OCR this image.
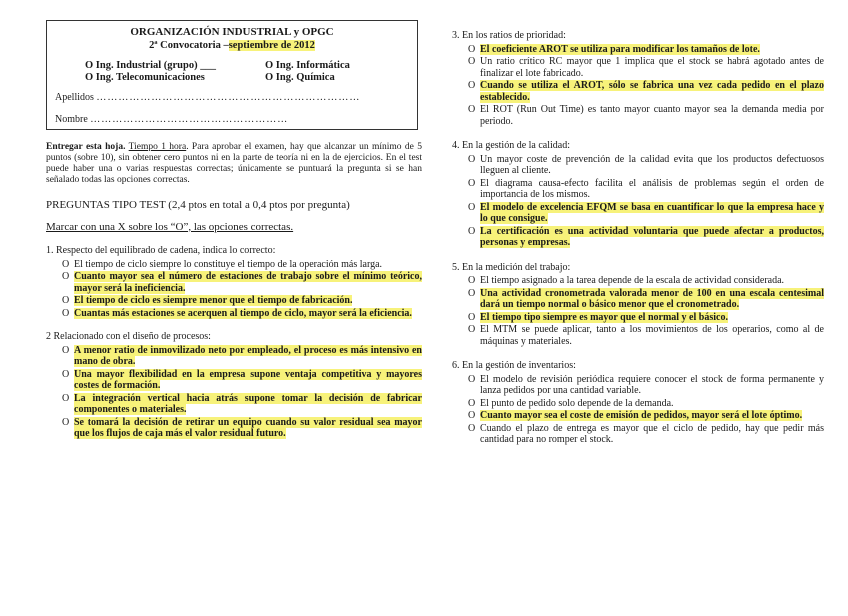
ORGANIZACIÓN INDUSTRIAL y OPGC
2ª Convocatoria –septiembre de 2012
O Ing. Industrial (grupo) ___	O Ing. Informática
O Ing. Telecomunicaciones	O Ing. Química
Apellidos ………………………………………………………………
Nombre ………………………………………………
Entregar esta hoja. Tiempo 1 hora. Para aprobar el examen, hay que alcanzar un mínimo de 5 puntos (sobre 10), sin obtener cero puntos ni en la parte de teoría ni en la de ejercicios. En el test puede haber una o varias respuestas correctas; únicamente se puntuará la pregunta si se han señalado todas las opciones correctas.
PREGUNTAS TIPO TEST (2,4 ptos en total a 0,4 ptos por pregunta)
Marcar con una X sobre los “O”, las opciones correctas.
1. Respecto del equilibrado de cadena, indica lo correcto:
O El tiempo de ciclo siempre lo constituye el tiempo de la operación más larga.
O Cuanto mayor sea el número de estaciones de trabajo sobre el mínimo teórico, mayor será la ineficiencia.
O El tiempo de ciclo es siempre menor que el tiempo de fabricación.
O Cuantas más estaciones se acerquen al tiempo de ciclo, mayor será la eficiencia.
2 Relacionado con el diseño de procesos:
O A menor ratio de inmovilizado neto por empleado, el proceso es más intensivo en mano de obra.
O Una mayor flexibilidad en la empresa supone ventaja competitiva y mayores costes de formación.
O La integración vertical hacia atrás supone tomar la decisión de fabricar componentes o materiales.
O Se tomará la decisión de retirar un equipo cuando su valor residual sea mayor que los flujos de caja más el valor residual futuro.
3. En los ratios de prioridad:
O El coeficiente AROT se utiliza para modificar los tamaños de lote.
O Un ratio crítico RC mayor que 1 implica que el stock se habrá agotado antes de finalizar el lote fabricado.
O Cuando se utiliza el AROT, sólo se fabrica una vez cada pedido en el plazo establecido.
O El ROT (Run Out Time) es tanto mayor cuanto mayor sea la demanda media por periodo.
4. En la gestión de la calidad:
O Un mayor coste de prevención de la calidad evita que los productos defectuosos lleguen al cliente.
O El diagrama causa-efecto facilita el análisis de problemas según el orden de importancia de los mismos.
O El modelo de excelencia EFQM se basa en cuantificar lo que la empresa hace y lo que consigue.
O La certificación es una actividad voluntaria que puede afectar a productos, personas y empresas.
5. En la medición del trabajo:
O El tiempo asignado a la tarea depende de la escala de actividad considerada.
O Una actividad cronometrada valorada menor de 100 en una escala centesimal dará un tiempo normal o básico menor que el cronometrado.
O El tiempo tipo siempre es mayor que el normal y el básico.
O El MTM se puede aplicar, tanto a los movimientos de los operarios, como al de máquinas y materiales.
6. En la gestión de inventarios:
O El modelo de revisión periódica requiere conocer el stock de forma permanente y lanza pedidos por una cantidad variable.
O El punto de pedido solo depende de la demanda.
O Cuanto mayor sea el coste de emisión de pedidos, mayor será el lote óptimo.
O Cuando el plazo de entrega es mayor que el ciclo de pedido, hay que pedir más cantidad para no romper el stock.
